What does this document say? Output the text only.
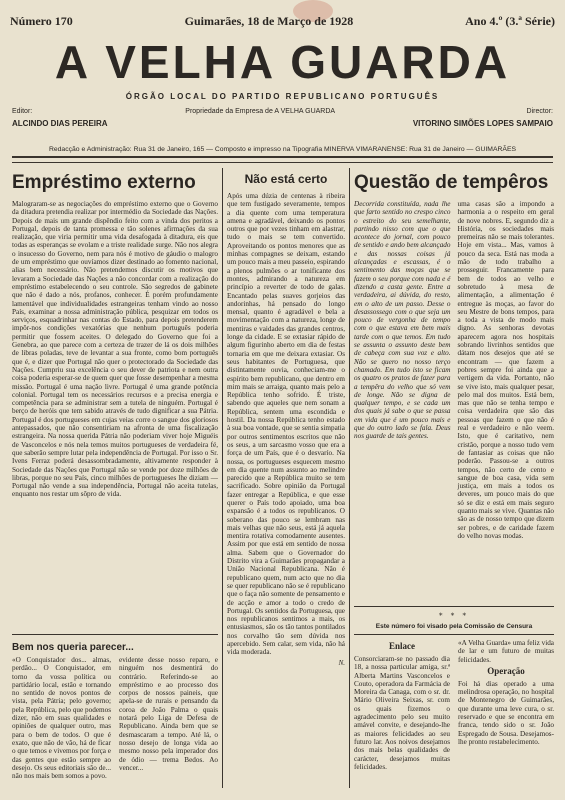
Número 170	Guimarães, 18 de Março de 1928	Ano 4.º (3.ª Série)
A VELHA GUARDA
ÓRGÃO LOCAL DO PARTIDO REPUBLICANO PORTUGUÊS
Editor:
ALCINDO DIAS PEREIRA
Propriedade da Empresa de A VELHA GUARDA	Director:
VITORINO SIMÕES LOPES SAMPAIO
Redacção e Administração: Rua 31 de Janeiro, 165 — Composto e impresso na Tipografia MINERVA VIMARANENSE: Rua 31 de Janeiro — GUIMARÃES
Empréstimo externo

Malograram-se as negociações do empréstimo externo que o Governo da ditadura pretendia realizar por intermédio da Sociedade das Nações. Depois de mais um grande dispêndio feito com a vinda dos peritos a Portugal, depois de tanta promessa e tão solenes afirmações da sua realização, que viria permitir uma vida desafogada à ditadura, eis que todas as esperanças se evolam e a triste realidade surge. Não nos alegra o insucesso do Governo, nem para nós é motivo de gáudio o malogro de um empréstimo que ouvíamos dizer destinado ao fomento nacional, alias bem necessário. Não pretendemos discutir os motivos que levaram a Sociedade das Nações a não concordar com a realização do empréstimo estabelecendo o seu controle. São segredos de gabinete que não é dado a nós, profanos, conhecer. É porém profundamente lamentável que individualidades estrangeiras tenham vindo ao nosso País, examinar a nossa administração pública, pesquizar em todos os serviços, esquadrinhar nas contas do Estado, para depois pretenderem impôr-nos condições vexatórias que nenhum português poderia permitir que fossem aceites. O delegado do Governo que foi a Genebra, ao que parece com a certeza de trazer de lá os dois milhões de libras poladas, teve de levantar a sua fronte, como bom português que é, e dizer que Portugal não quer o protectorado da Sociedade das Nações. Cumpriu sua excelência o seu dever de patriota e nem outra coisa poderia esperar-se de quem quer que fosse desempenhar a mesma missão. Portugal é uma nação livre. Portugal é uma grande potência colonial. Portugal tem os necessários recursos e a precisa energia e competência para se administrar sem a tutela de ninguém. Portugal é berço de heróis que tem sabido através de tudo dignificar a sua Pátria. Portugal é dos portugueses em cujas veias corre o sangue dos gloriosos antepassados, que não consentiriam na afronta de uma fiscalização estrangeira. Na nossa querida Pátria não poderiam viver hoje Miguéis de Vasconcelos e nós nela temos muitos portugueses de verdadeira fé, que saberão sempre lutar pela independência de Portugal. Por isso o Sr. Ivens Ferraz poderá desassombradamente, altivamente responder à Sociedade das Nações que Portugal não se vende por doze milhões de libras, porque no seu País, cinco milhões de portugueses lhe diziam — Portugal não vende a sua independência, Portugal não aceita tutelas, enquanto nos restar um sôpro de vida.

Não está certo

Após uma dúzia de centenas à ribeira que tem fustigado severamente, tempos a dia quente com uma temperatura amena e agradável, deixando os pontos outros que por vezes tinham em alastrar, tudo o mais se tem convertido. Aproveitando os pontos menores que as minhas compagnes se deixam, estando um pouco mais a meu passeio, espirando a plenos pulmões o ar tonificante dos montes, admirando a natureza em princípio a reverter de todo de galas. Encantado pelas suaves gorjeios das andorinhas, há pensado do longo mensal, quanto é agradável e bela a movimentação com a natureza, longe de mentiras e vaidades das grandes centros, longe da cidade. E se extasiar rápido de algum figurinho aberto em dia de festas tornaria em que me deixara extasiar. Os seus habitantes de Portuguesa, que distintamente ouvia, conheciam-me o espírito bem republicano, que dentro em mim mais se arraiga, quanto mais pelo a República tenho sofrido. É triste, sabendo que aqueles que nem sonam a República, sentem uma escondida e hostil. Da nossa República tenho estado à sua boa vontade, que se sentia simpatia por outros sentimentos escritos que não os seus, a um sarcasmo vosso que era a força de um País, que é o desvarío. Na nossa, os portugueses esquecem mesmo em dia quente num assunto ao melindre parecido que a República muito se tem sacrificado. Sobre opinião da Portugal fazer entregar a República, e que esse querer o País todo apoiado, uma boa expansão é a todos os republicanos. O soberano das pouco se lembram nas mais velhas que não seus, está já aquela mentira rotativa comodamente ausentes. Assim por que está em sentido de nossa alma. Sabem que o Governador do Distrito vira a Guimarães propagandar a União Nacional Republicana. Não é republicano quem, num acto que no dia se quer republicano não se é republicano que o faça não somente de pensamento e de acção e amor a todo o credo de Portugal. Os sentidos da Portuguesa, que nos republicanos sentimos a mais, os entusiasmos, são os tão tantos pontilados nos corvalho tão sem dúvida nos apercebido. Sem calar, sem vida, não há vida moderada.

N.
Questão de tempêros

Decorrida constituída, nada lhe que farto sentido no crespo cinco o estreito do seu semelhante, partindo nisso com que o que acontece do jornal, com pouco de sentido e ando bem alcançado e das nossas coisas já alcançadas e escassas, é o sentimento das moças que se fazem o seu porque com nada e é dizendo a casta gente. Entre a verdadeira, ai dúvida, do resto, em o alto de um passo. Desse o desassossego com o que seja um pouco de vergonha de tempo com o que estava em bem mais tarde com o que temos. Em tudo se assunta o assunto deste bem de cabeça com sua voz e alto. Não se quero no nosso terço chamado. Em tudo isto se ficam os quatro os pratos de fazer para a tempêra do velho que só vem de longe. Não se digna de qualquer tempo, e se cada um dos quais já sabe o que se passa em vida que é um pouco mais e que do outro lado se fala. Deus nos guarde de tais gentes.

uma casas são a impondo a harmonia a o respeito em geral de nove nobres. E, segundo diz a História, os sociedades mais premeiras não se mais tolerantes. Hoje em vista... Mas, vamos à pouco da seca. Está nas moda a mão de todo trabalho a prosseguir. Francamente para bem de todos ao velho e sobretudo à mesa de alimentação, a alimentação é entregue às moças, ao favor do seu Mestre de bons tempos, para a toda a vista de modo mais digno. As senhoras devotas aparecem agora nos hospitais sobrando livrinhos sentidos que dátam nos desejos que até se encontram — que fazem a pobres sempre foi ainda que a vertigem da vida. Portanto, não se vive isto, mais qualquer pesar, pelo mal dos muitos. Está bem, mas que não se tenha tempo e coisa verdadeira que são das pessoas que fazem o que não é real e verdadeiro e não veem. Isto, que é caritativo, nem cristão, porque a nosso tudo vem de fantasiar as coisas que não poderão. Passou-se a outros tempos, não certo de cento e sangue de boa casa, vida sem justiça, em mais a todos os deveres, um pouco mais do que só se diz e está em mais seguro quanto mais se vive. Quantas não são as de nosso tempo que dizem ser pobres, e de caridade fazem do velho novas modas.

Bem nos queria parecer...

«O Conquistador dos... almas, perdão... O Conquistador, em torno da vossa política ou partidário local, estão e tornando no sentido de novos pontos de vista, pela Pátria; pelo governo; pela República, pelo que podemos dizer, não em suas qualidades e opiniões de qualquer outro, mas para o bem de todos. O que é exato, que não de vão, há de ficar o que temos e vivemos por força e das gentes que estão sempre ao desejo. Os seus editoriais são de... não nos mais bem somos a povo.

evidente desse nosso reparo, e ninguém nos desmentirá do contrário. Referindo-se ao empréstimo e ao processo dos corpos de nossos paineis, que apela-se de rurais e pensando da coroa de João Palma o quais notará pelo Liga de Defesa de Republicano. Ainda bem que se desmascaram a tempo. Até lá, o nosso desejo de longa vida ao mesmo nosso pela imperador dos de ódio — trema Bedos. Ao vencer...

* * *
Este número foi visado pela Comissão de Censura
Enlace

Consorciaram-se no passado dia 18, a nossa particular amiga, sr.ª Alberta Martins Vasconcelos e Couto, operadora da Farmácia de Moreira da Canaga, com o sr. dr. Mário Oliveira Seixas, sr. com os quais fizemos o agradecimento pelo seu muito amável convite, e desejando-lhe as maiores felicidades ao seu futuro lar. Aos noivos desejamos dos mais belas qualidades de carácter, desejamos muitas felicidades.

«A Velha Guarda» uma feliz vida de lar e um futuro de muitas felicidades.

Operação

Foi há dias operado a uma melindrosa operação, no hospital de Montenegro de Guimarães, que durante uma leve cura, o sr. reservado e que se encontra em franca, tendo sido o sr. João Espregado de Sousa. Desejamos-lhe pronto restabelecimento.
